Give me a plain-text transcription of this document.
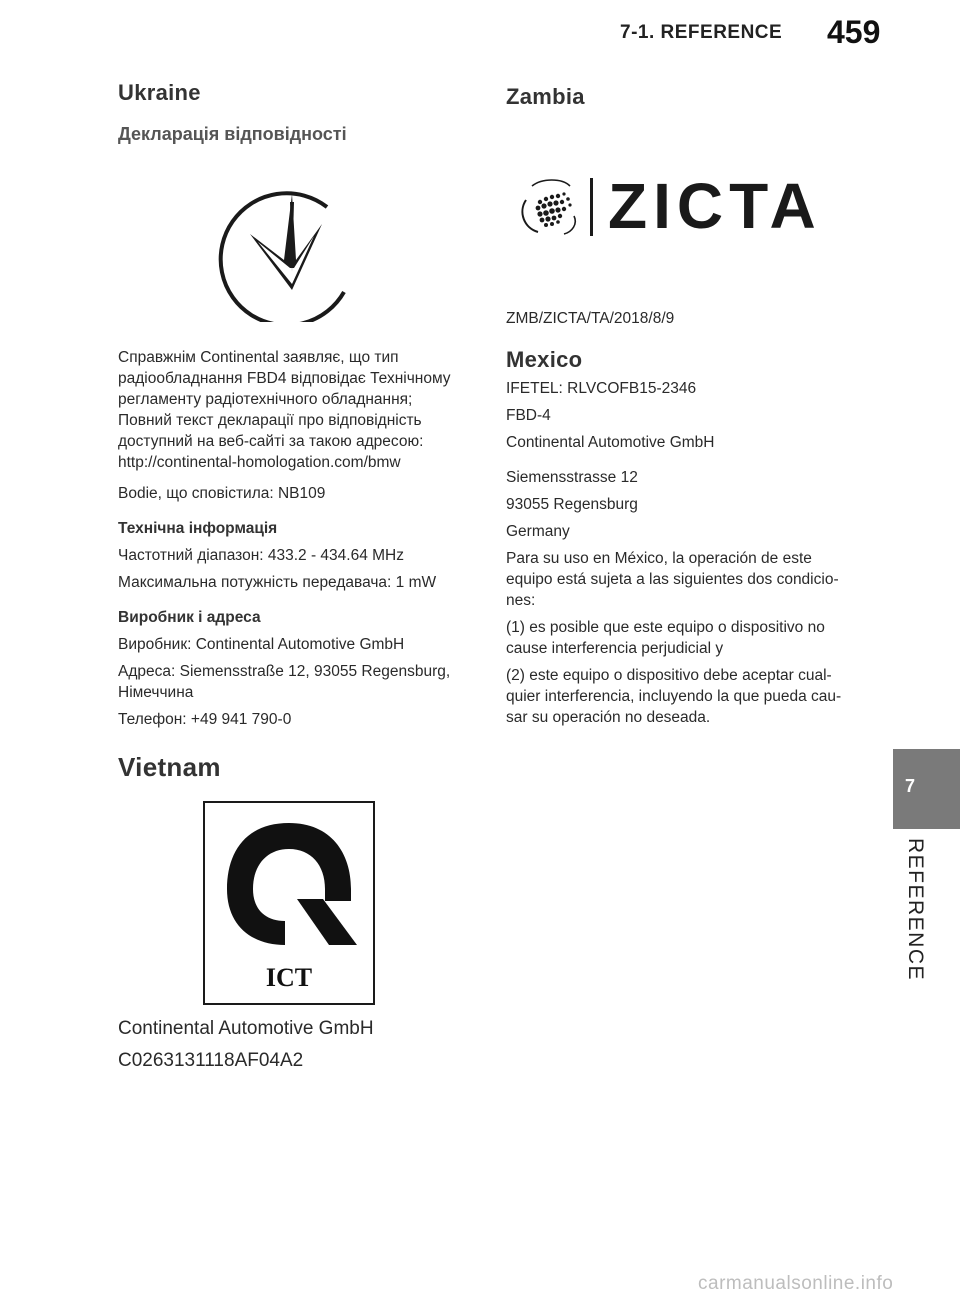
7-1. REFERENCE 459
Ukraine
Декларація відповідності

Справжнім Continental заявляє, що тип

радіообладнання FBD4 відповідає Технічному

регламенту радіотехнічного обладнання;

Повний текст декларації про відповідність

доступний на веб-сайті за такою адресою:

http://continental-homologation.com/bmw

Bodie, що сповістила: NB109

Технічна інформація

Частотний діапазон: 433.2 - 434.64 MHz

Максимальна потужність передавача: 1 mW

Виробник і адреса

Виробник: Continental Automotive GmbH

Адреса: Siemensstraße 12, 93055 Regensburg,

Німеччина

Телефон: +49 941 790-0

Vietnam
ICT
Continental Automotive GmbH
C0263131118AF04A2
Zambia
ZICTA
ZMB/ZICTA/TA/2018/8/9
Mexico

IFETEL: RLVCOFB15-2346

FBD-4

Continental Automotive GmbH

Siemensstrasse 12

93055 Regensburg

Germany

Para su uso en México, la operación de este

equipo está sujeta a las siguientes dos condicio-

nes:

(1) es posible que este equipo o dispositivo no

cause interferencia perjudicial y

(2) este equipo o dispositivo debe aceptar cual-

quier interferencia, incluyendo la que pueda cau-

sar su operación no deseada.

7
REFERENCE
carmanualsonline.info
